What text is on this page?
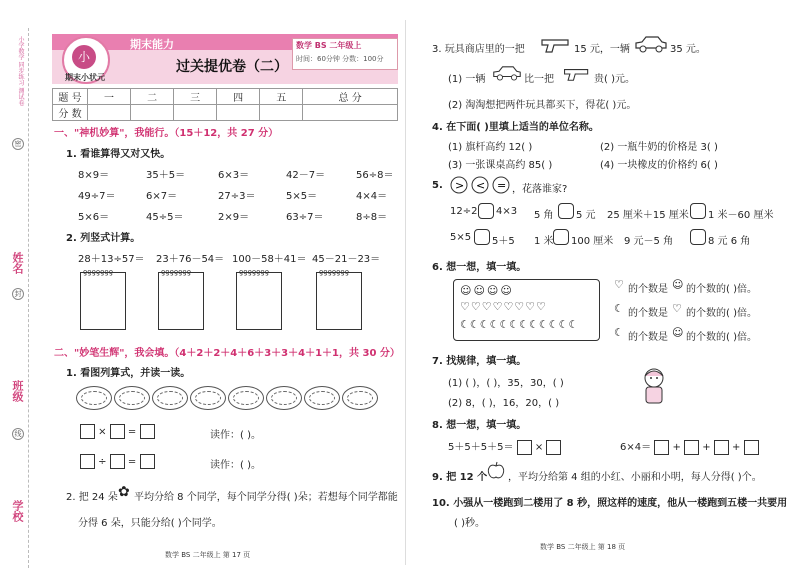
小学数学 同步练习 测试卷
密
姓名
封
班级
线
学校
小
期末能力
过关提优卷（二）
期末小状元
数学 BS 二年级上
时间：60分钟 分数：100分
题 号	一	二	三	四	五	总 分
分 数						
一、"神机妙算"，我能行。（15＋12，共 27 分）
1. 看谁算得又对又快。
8×9＝	35＋5＝	6×3＝	42－7＝	56÷8＝
49÷7＝	6×7＝	27÷3＝	5×5＝	4×4＝
5×6＝	45÷5＝	2×9＝	63÷7＝	8÷8＝
2. 列竖式计算。
28＋13÷57＝ 23＋76－54＝ 100－58＋41＝ 45－21－23＝
ƍƍƍƍƍƍƍ	ƍƍƍƍƍƍƍ	ƍƍƍƍƍƍƍ	ƍƍƍƍƍƍƍ
二、"妙笔生辉"，我会填。（4＋2＋2＋4＋6＋3＋3＋4＋1＋1，共 30 分）
1. 看图列算式，并读一读。
×  =	读作：( )。
÷  =	读作：( )。
2. 把 24 朵 ✿ 平均分给 8 个同学，每个同学分得( )朵；若想每个同学都能
分得 6 朵，只能分给( )个同学。
数学 BS 二年级上 第 17 页
3. 玩具商店里的一把	15 元，一辆	35 元。
(1) 一辆	比一把	贵( )元。
(2) 淘淘想把两件玩具都买下，得花( )元。
4. 在下面( )里填上适当的单位名称。
(1) 旗杆高约 12( )	(2) 一瓶牛奶的价格是 3( )
(3) 一张课桌高约 85( )	(4) 一块橡皮的价格约 6( )
5. > < = ，花落谁家?
12÷2 4×3 5 角 5 元 25 厘米＋15 厘米 1 米－60 厘米
5×5 5＋5 1 米 100 厘米 9 元－5 角	8 元 6 角
6. 想一想，填一填。
☺☺☺☺
♡♡♡♡♡♡♡♡
☾☾☾☾☾☾☾☾☾☾☾☾
♡ 的个数是 ☺ 的个数的( )倍。
☾ 的个数是 ♡ 的个数的( )倍。
☾ 的个数是 ☺ 的个数的( )倍。
7. 找规律，填一填。
(1) ( )，( )，35，30，( )
(2) 8，( )，16，20，( )
8. 想一想，填一填。
5＋5＋5＋5＝  ×	6×4＝  +  +  +
9. 把 12 个 ，平均分给第 4 组的小红、小丽和小明，每人分得( )个。
10. 小强从一楼跑到二楼用了 8 秒，照这样的速度，他从一楼跑到五楼一共要用
( )秒。
数学 BS 二年级上 第 18 页
